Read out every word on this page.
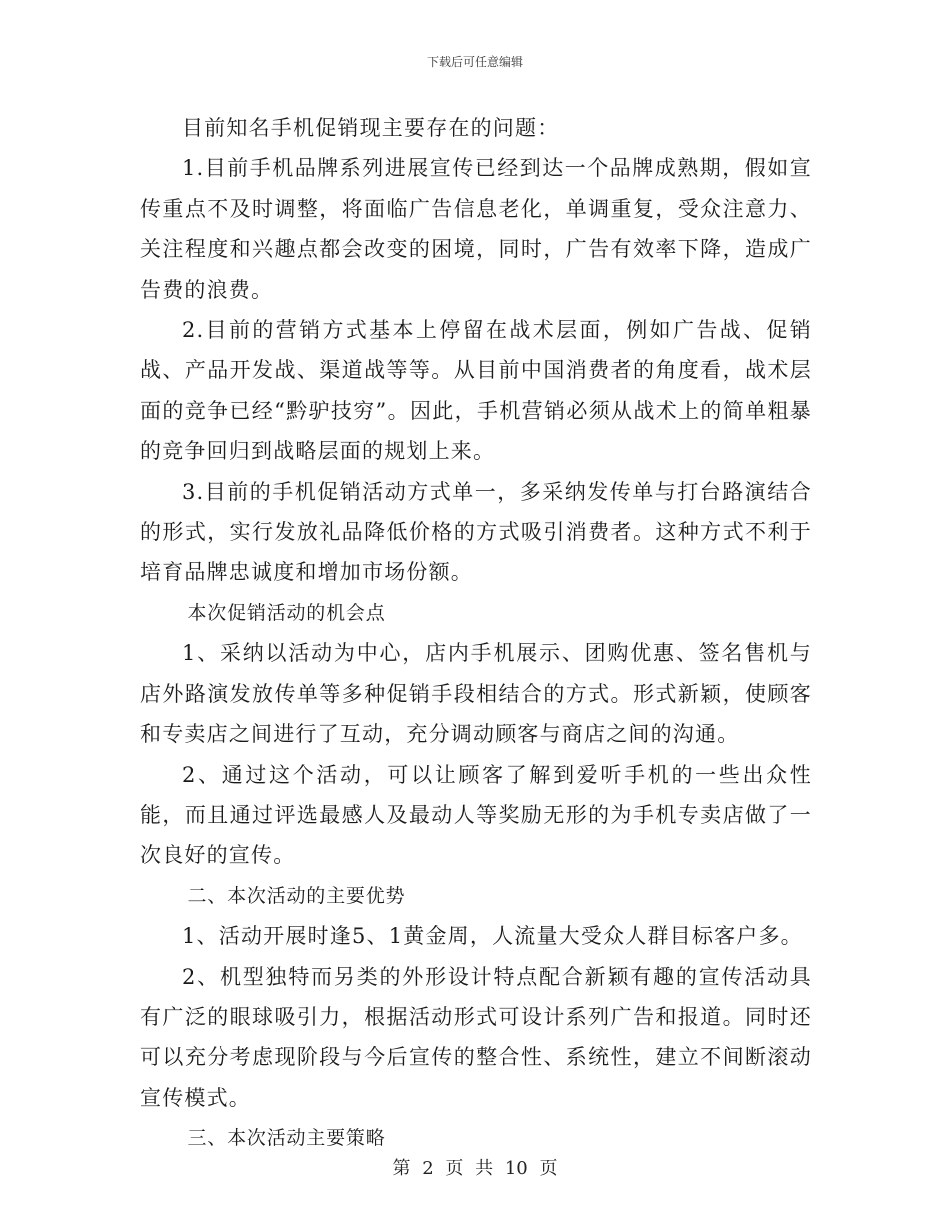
下载后可任意编辑

目前知名手机促销现主要存在的问题：

1.目前手机品牌系列进展宣传已经到达一个品牌成熟期，假如宣传重点不及时调整，将面临广告信息老化，单调重复，受众注意力、关注程度和兴趣点都会改变的困境，同时，广告有效率下降，造成广告费的浪费。

2.目前的营销方式基本上停留在战术层面，例如广告战、促销战、产品开发战、渠道战等等。从目前中国消费者的角度看，战术层面的竞争已经“黔驴技穷”。因此，手机营销必须从战术上的简单粗暴的竞争回归到战略层面的规划上来。

3.目前的手机促销活动方式单一，多采纳发传单与打台路演结合的形式，实行发放礼品降低价格的方式吸引消费者。这种方式不利于培育品牌忠诚度和增加市场份额。

本次促销活动的机会点

1、采纳以活动为中心，店内手机展示、团购优惠、签名售机与店外路演发放传单等多种促销手段相结合的方式。形式新颖，使顾客和专卖店之间进行了互动，充分调动顾客与商店之间的沟通。

2、通过这个活动，可以让顾客了解到爱听手机的一些出众性能，而且通过评选最感人及最动人等奖励无形的为手机专卖店做了一次良好的宣传。

二、本次活动的主要优势

1、活动开展时逢5、1黄金周，人流量大受众人群目标客户多。

2、机型独特而另类的外形设计特点配合新颖有趣的宣传活动具有广泛的眼球吸引力，根据活动形式可设计系列广告和报道。同时还可以充分考虑现阶段与今后宣传的整合性、系统性，建立不间断滚动宣传模式。

三、本次活动主要策略

第 2 页 共 10 页
